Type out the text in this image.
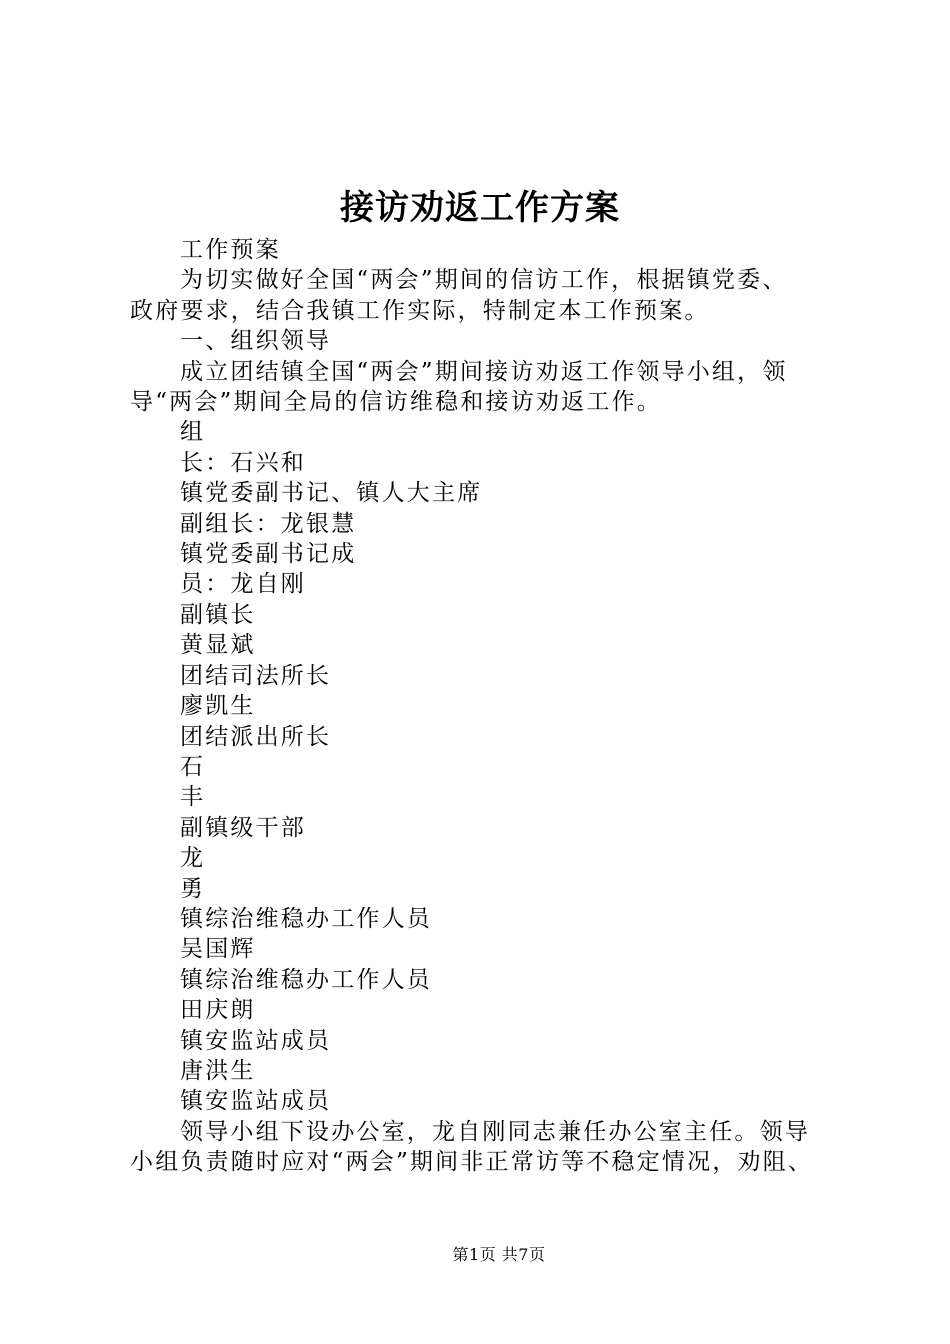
接访劝返工作方案

工作预案

为切实做好全国“两会”期间的信访工作，根据镇党委、

政府要求，结合我镇工作实际，特制定本工作预案。

一、组织领导

成立团结镇全国“两会”期间接访劝返工作领导小组，领

导“两会”期间全局的信访维稳和接访劝返工作。

组

长：石兴和

镇党委副书记、镇人大主席

副组长：龙银慧

镇党委副书记成

员：龙自刚

副镇长

黄显斌

团结司法所长

廖凯生

团结派出所长

石

丰

副镇级干部

龙

勇

镇综治维稳办工作人员

吴国辉

镇综治维稳办工作人员

田庆朗

镇安监站成员

唐洪生

镇安监站成员

领导小组下设办公室，龙自刚同志兼任办公室主任。领导

小组负责随时应对“两会”期间非正常访等不稳定情况，劝阻、

第1页 共7页
